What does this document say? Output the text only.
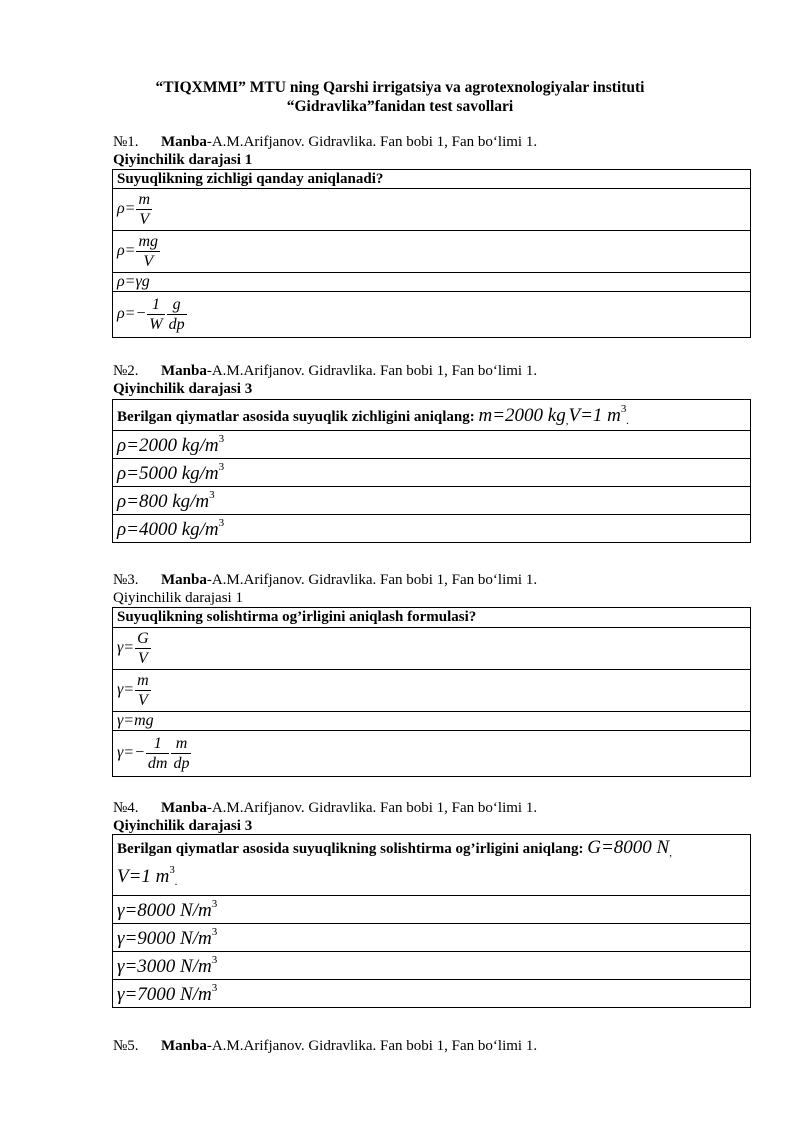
“TIQXMMI” MTU ning Qarshi irrigatsiya va agrotexnologiyalar instituti
“Gidravlika”fanidan test savollari
№1. Manba-A.M.Arifjanov. Gidravlika. Fan bobi 1, Fan bo‘limi 1.
Qiyinchilik darajasi 1
Suyuqlikning zichligi qanday aniqlanadi?
$\rho= \frac{m}{V}$

$\rho= \frac{mg}{V}$

ρ=γg
$\rho=- \frac{1}{W} \frac{g}{dp}$
№2. Manba-A.M.Arifjanov. Gidravlika. Fan bobi 1, Fan bo‘limi 1.
Qiyinchilik darajasi 3
Berilgan qiymatlar asosida suyuqlik zichligini aniqlang: m=2000 kg,V=1 $m^3$.
ρ=2000 $kg/m^3$
ρ=5000 $kg/m^3$
ρ=800 $kg/m^3$
ρ=4000 $kg/m^3$
№3. Manba-A.M.Arifjanov. Gidravlika. Fan bobi 1, Fan bo‘limi 1.
Qiyinchilik darajasi 1
Suyuqlikning solishtirma og’irligini aniqlash formulasi?
$\gamma= \frac{G}{V}$

$\gamma= \frac{m}{V}$

γ=mg
$\gamma=- \frac{1}{dm} \frac{m}{dp}$
№4. Manba-A.M.Arifjanov. Gidravlika. Fan bobi 1, Fan bo‘limi 1.
Qiyinchilik darajasi 3
Berilgan qiymatlar asosida suyuqlikning solishtirma og’irligini aniqlang: G=8000 N,
V=1 $m^3$.
γ=8000 $N/m^3$
γ=9000 $N/m^3$
γ=3000 $N/m^3$
γ=7000 $N/m^3$
№5. Manba-A.M.Arifjanov. Gidravlika. Fan bobi 1, Fan bo‘limi 1.
